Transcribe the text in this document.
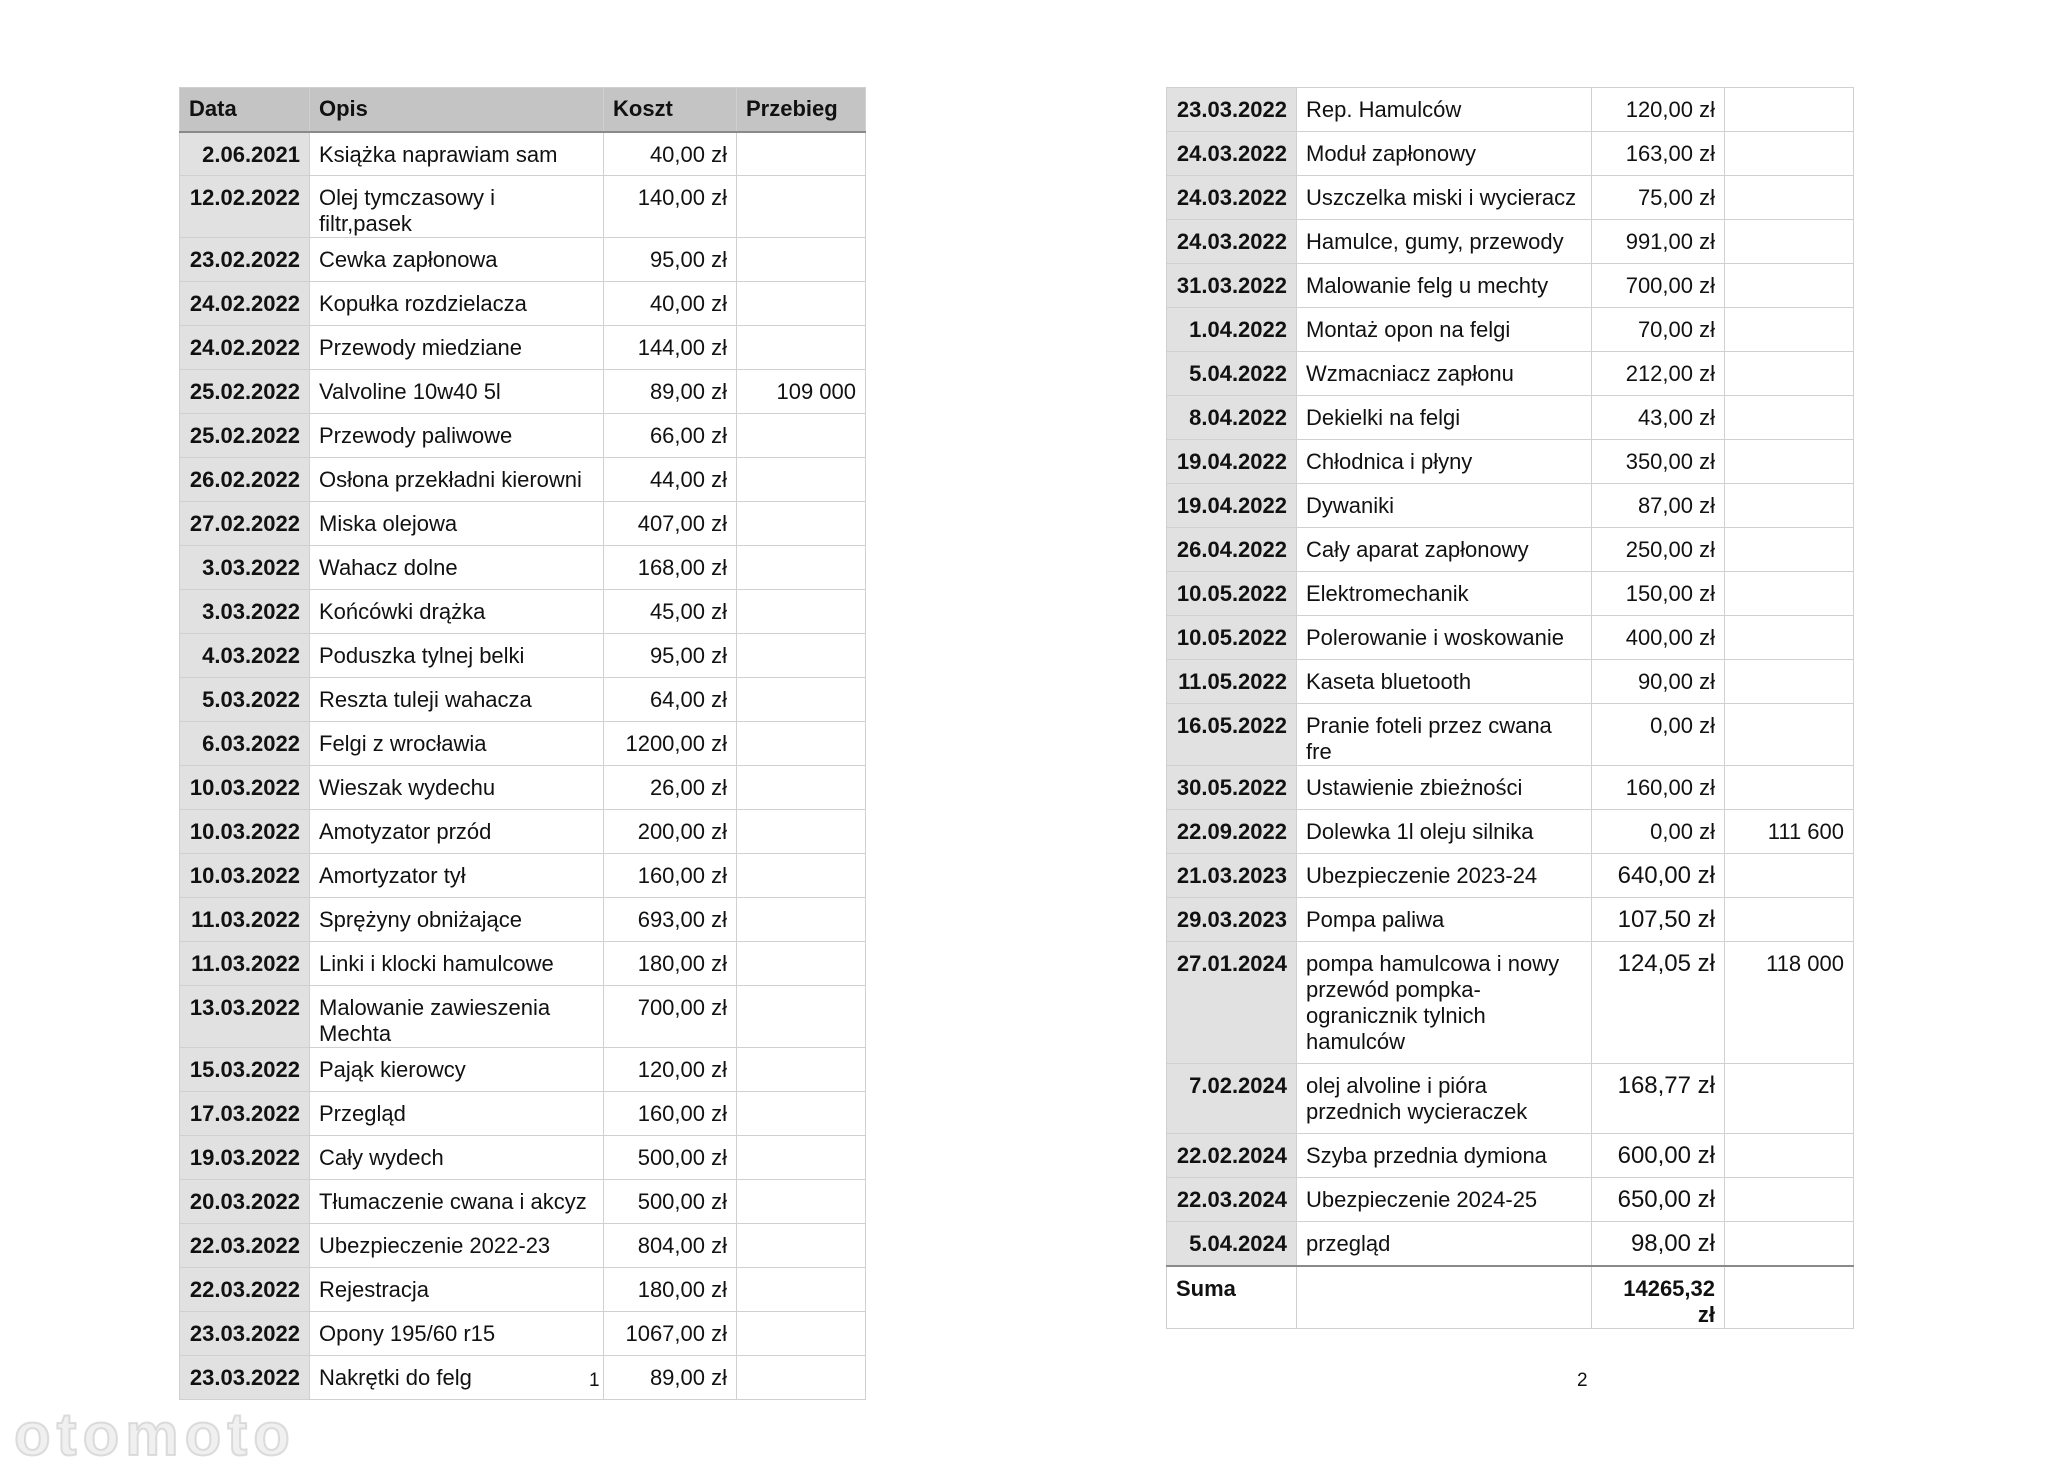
Data	Opis	Koszt	Przebieg
2.06.2021	Książka naprawiam sam	40,00 zł	
12.02.2022	Olej tymczasowy i filtr,pasek	140,00 zł	
23.02.2022	Cewka zapłonowa	95,00 zł	
24.02.2022	Kopułka rozdzielacza	40,00 zł	
24.02.2022	Przewody miedziane	144,00 zł	
25.02.2022	Valvoline 10w40 5l	89,00 zł	109 000
25.02.2022	Przewody paliwowe	66,00 zł	
26.02.2022	Osłona przekładni kierowni	44,00 zł	
27.02.2022	Miska olejowa	407,00 zł	
3.03.2022	Wahacz dolne	168,00 zł	
3.03.2022	Końcówki drążka	45,00 zł	
4.03.2022	Poduszka tylnej belki	95,00 zł	
5.03.2022	Reszta tuleji wahacza	64,00 zł	
6.03.2022	Felgi z wrocławia	1200,00 zł	
10.03.2022	Wieszak wydechu	26,00 zł	
10.03.2022	Amotyzator przód	200,00 zł	
10.03.2022	Amortyzator tył	160,00 zł	
11.03.2022	Sprężyny obniżające	693,00 zł	
11.03.2022	Linki i klocki hamulcowe	180,00 zł	
13.03.2022	Malowanie zawieszenia Mechta	700,00 zł	
15.03.2022	Pająk kierowcy	120,00 zł	
17.03.2022	Przegląd	160,00 zł	
19.03.2022	Cały wydech	500,00 zł	
20.03.2022	Tłumaczenie cwana i akcyz	500,00 zł	
22.03.2022	Ubezpieczenie 2022-23	804,00 zł	
22.03.2022	Rejestracja	180,00 zł	
23.03.2022	Opony 195/60 r15	1067,00 zł	
23.03.2022	Nakrętki do felg	89,00 zł	
23.03.2022	Rep. Hamulców	120,00 zł	
24.03.2022	Moduł zapłonowy	163,00 zł	
24.03.2022	Uszczelka miski i wycieracz	75,00 zł	
24.03.2022	Hamulce, gumy, przewody	991,00 zł	
31.03.2022	Malowanie felg u mechty	700,00 zł	
1.04.2022	Montaż opon na felgi	70,00 zł	
5.04.2022	Wzmacniacz zapłonu	212,00 zł	
8.04.2022	Dekielki na felgi	43,00 zł	
19.04.2022	Chłodnica i płyny	350,00 zł	
19.04.2022	Dywaniki	87,00 zł	
26.04.2022	Cały aparat zapłonowy	250,00 zł	
10.05.2022	Elektromechanik	150,00 zł	
10.05.2022	Polerowanie i woskowanie	400,00 zł	
11.05.2022	Kaseta bluetooth	90,00 zł	
16.05.2022	Pranie foteli przez cwana fre	0,00 zł	
30.05.2022	Ustawienie zbieżności	160,00 zł	
22.09.2022	Dolewka 1l oleju silnika	0,00 zł	111 600
21.03.2023	Ubezpieczenie 2023-24	640,00 zł	
29.03.2023	Pompa paliwa	107,50 zł	
27.01.2024	pompa hamulcowa i nowy przewód pompka-ogranicznik tylnich hamulców	124,05 zł	118 000
7.02.2024	olej alvoline i pióra przednich wycieraczek	168,77 zł	
22.02.2024	Szyba przednia dymiona	600,00 zł	
22.03.2024	Ubezpieczenie 2024-25	650,00 zł	
5.04.2024	przegląd	98,00 zł	
Suma		14265,32 zł	
1	2
otomoto
